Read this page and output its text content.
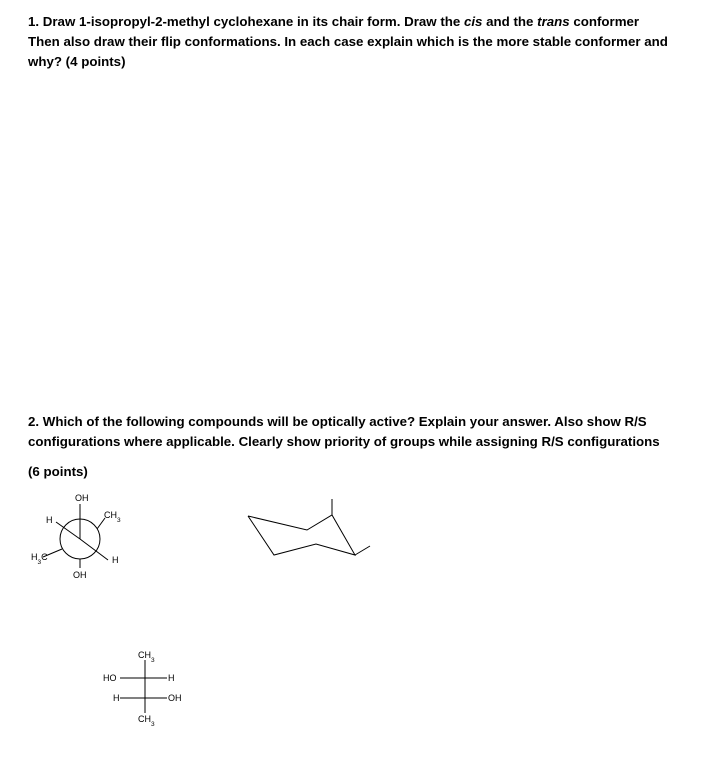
1. Draw 1-isopropyl-2-methyl cyclohexane in its chair form. Draw the cis and the trans conformer
Then also draw their flip conformations. In each case explain which is the more stable conformer and
why? (4 points)
2. Which of the following compounds will be optically active? Explain your answer. Also show R/S
configurations where applicable. Clearly show priority of groups while assigning R/S configurations
(6 points)
OH
H	$CH_3$
$H_3C$	H
OH
$CH_3$
HO	H
H	OH
$CH_3$
